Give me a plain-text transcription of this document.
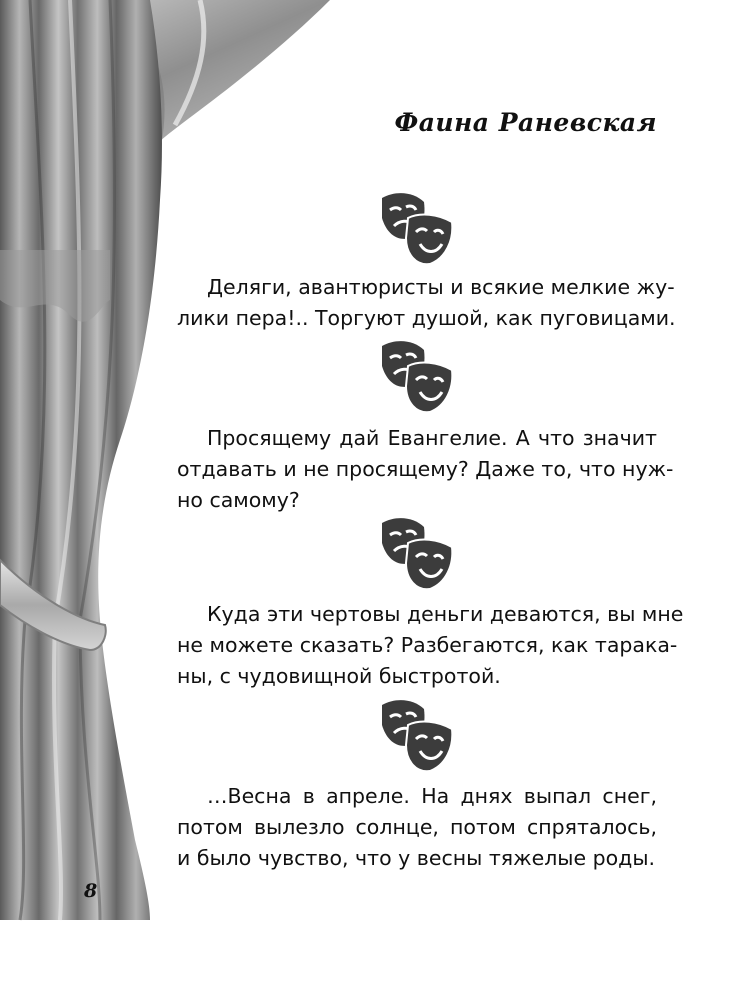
Фаина Раневская
Деляги, авантюристы и всякие мелкие жу-
лики пера!.. Торгуют душой, как пуговицами.
Просящему дай Евангелие. А что значит
отдавать и не просящему? Даже то, что нуж-
но самому?
Куда эти чертовы деньги деваются, вы мне
не можете сказать? Разбегаются, как тарака-
ны, с чудовищной быстротой.
…Весна в апреле. На днях выпал снег,
потом вылезло солнце, потом спряталось,
и было чувство, что у весны тяжелые роды.
8
